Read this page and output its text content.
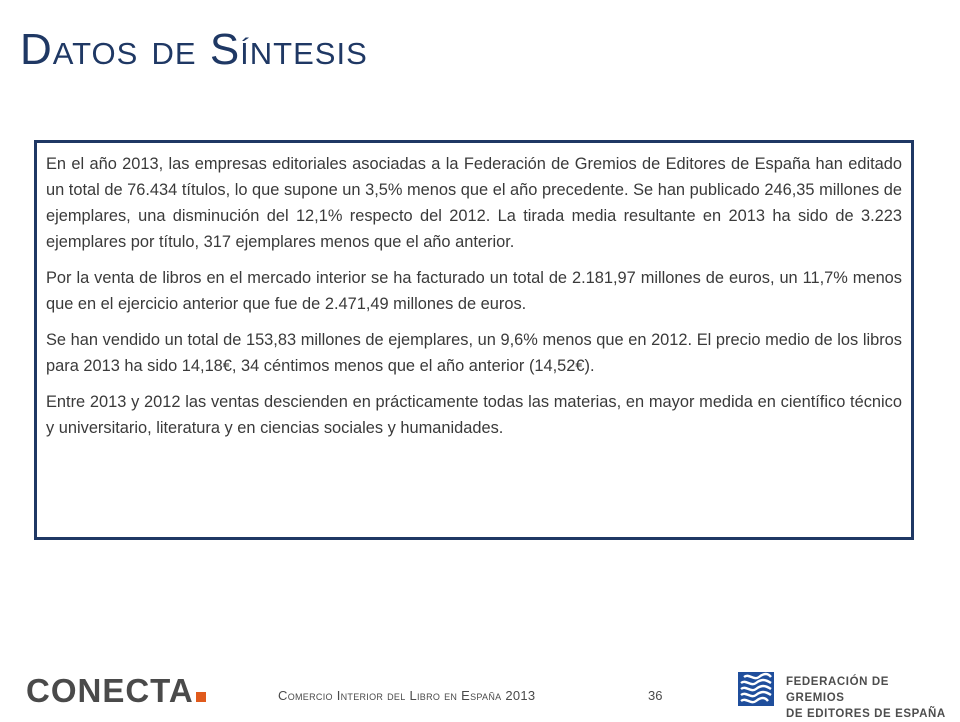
Datos de Síntesis

En el año 2013, las empresas editoriales asociadas a la Federación de Gremios de Editores de España han editado un total de 76.434 títulos, lo que supone un 3,5% menos que el año precedente. Se han publicado 246,35 millones de ejemplares, una disminución del 12,1% respecto del 2012. La tirada media resultante en 2013 ha sido de 3.223 ejemplares por título, 317 ejemplares menos que el año anterior.

Por la venta de libros en el mercado interior se ha facturado un total de 2.181,97 millones de euros, un 11,7% menos que en el ejercicio anterior que fue de 2.471,49 millones de euros.

Se han vendido un total de 153,83 millones de ejemplares, un 9,6% menos que en 2012. El precio medio de los libros para 2013 ha sido 14,18€, 34 céntimos menos que el año anterior (14,52€).

Entre 2013 y 2012 las ventas descienden en prácticamente todas las materias, en mayor medida en científico técnico y universitario, literatura y en ciencias sociales y humanidades.

CONECTA	Comercio Interior del Libro en España 2013	36
FEDERACIÓN DE GREMIOS
DE EDITORES DE ESPAÑA
